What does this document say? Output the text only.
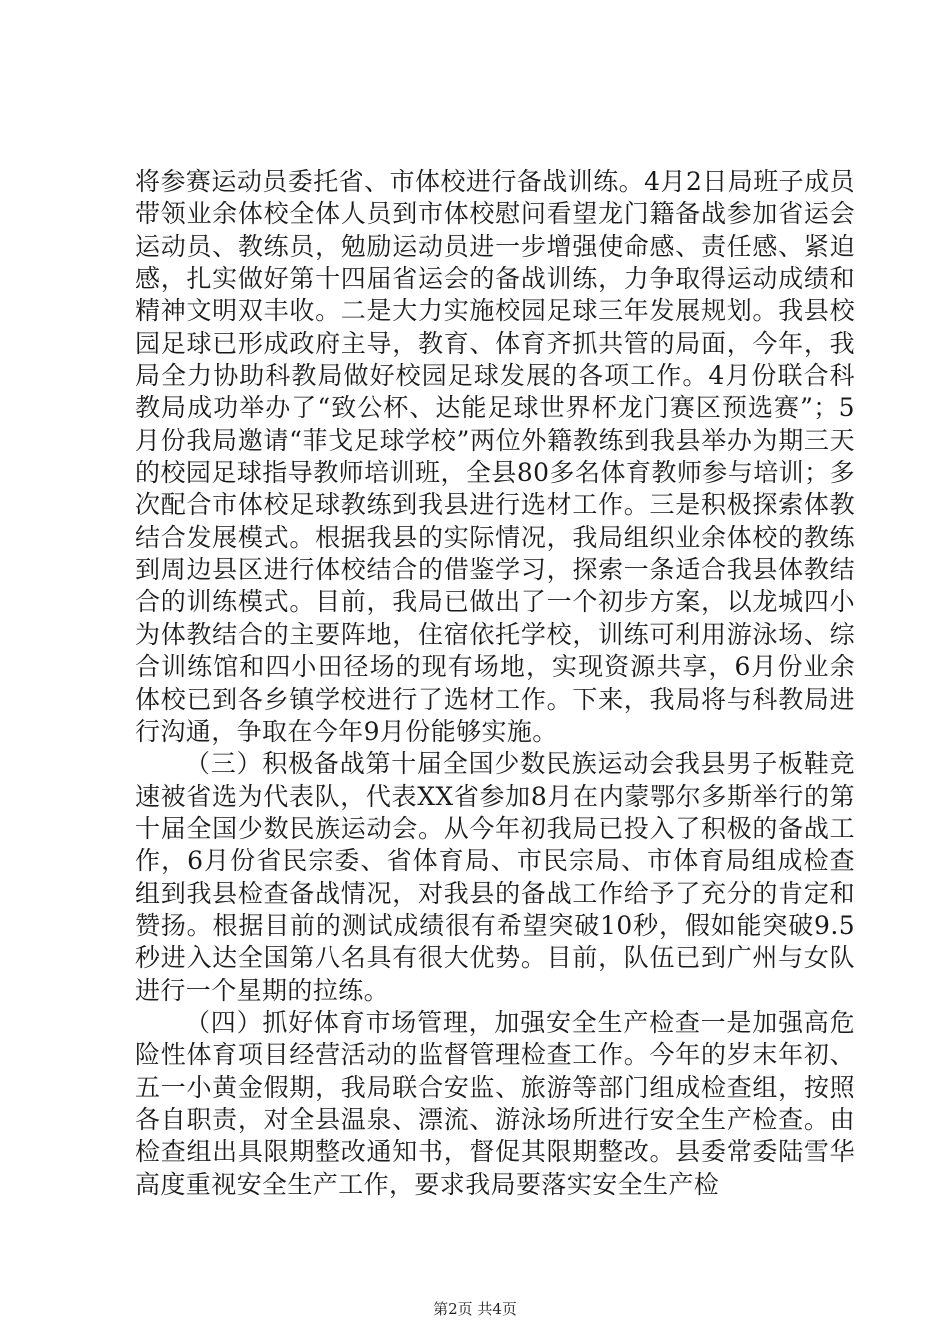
将参赛运动员委托省、市体校进行备战训练。4月2日局班子成员带领业余体校全体人员到市体校慰问看望龙门籍备战参加省运会运动员、教练员，勉励运动员进一步增强使命感、责任感、紧迫感，扎实做好第十四届省运会的备战训练，力争取得运动成绩和精神文明双丰收。二是大力实施校园足球三年发展规划。我县校园足球已形成政府主导，教育、体育齐抓共管的局面，今年，我局全力协助科教局做好校园足球发展的各项工作。4月份联合科教局成功举办了“致公杯、达能足球世界杯龙门赛区预选赛”；5月份我局邀请“菲戈足球学校”两位外籍教练到我县举办为期三天的校园足球指导教师培训班，全县80多名体育教师参与培训；多次配合市体校足球教练到我县进行选材工作。三是积极探索体教结合发展模式。根据我县的实际情况，我局组织业余体校的教练到周边县区进行体校结合的借鉴学习，探索一条适合我县体教结合的训练模式。目前，我局已做出了一个初步方案，以龙城四小为体教结合的主要阵地，住宿依托学校，训练可利用游泳场、综合训练馆和四小田径场的现有场地，实现资源共享，6月份业余体校已到各乡镇学校进行了选材工作。下来，我局将与科教局进行沟通，争取在今年9月份能够实施。

（三）积极备战第十届全国少数民族运动会我县男子板鞋竞速被省选为代表队，代表XX省参加8月在内蒙鄂尔多斯举行的第十届全国少数民族运动会。从今年初我局已投入了积极的备战工作，6月份省民宗委、省体育局、市民宗局、市体育局组成检查组到我县检查备战情况，对我县的备战工作给予了充分的肯定和赞扬。根据目前的测试成绩很有希望突破10秒，假如能突破9.5秒进入达全国第八名具有很大优势。目前，队伍已到广州与女队进行一个星期的拉练。

（四）抓好体育市场管理，加强安全生产检查一是加强高危险性体育项目经营活动的监督管理检查工作。今年的岁末年初、五一小黄金假期，我局联合安监、旅游等部门组成检查组，按照各自职责，对全县温泉、漂流、游泳场所进行安全生产检查。由检查组出具限期整改通知书，督促其限期整改。县委常委陆雪华高度重视安全生产工作，要求我局要落实安全生产检

第2页 共4页
